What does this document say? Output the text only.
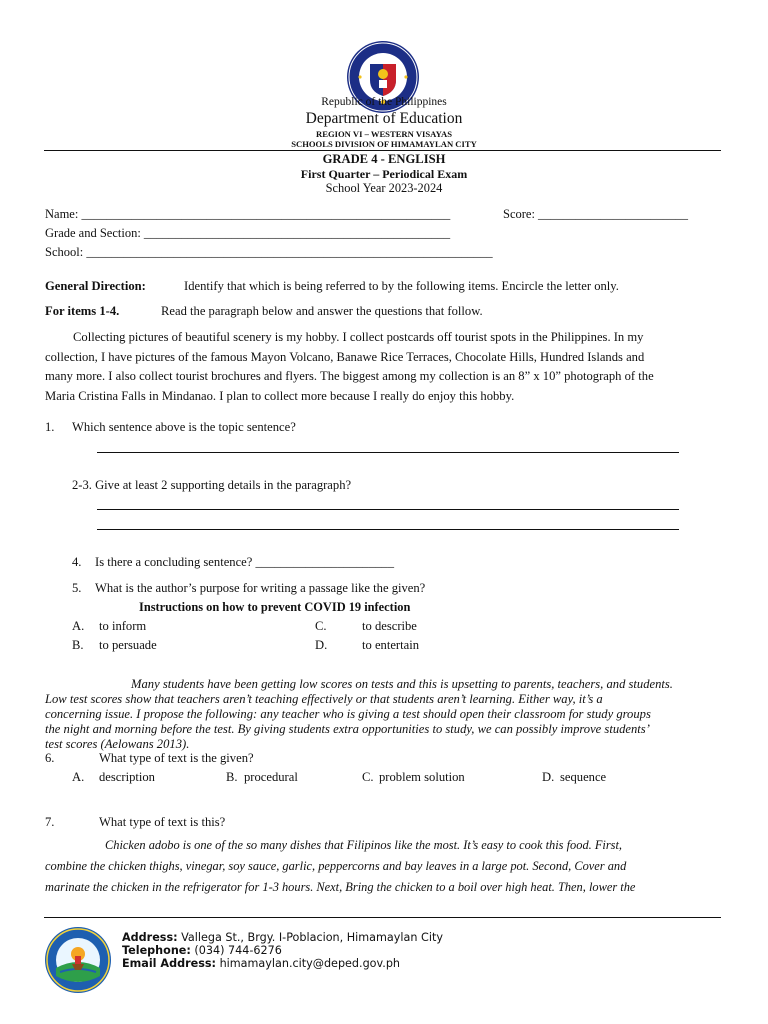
Republic of the Philippines
Department of Education
REGION VI – WESTERN VISAYAS
SCHOOLS DIVISION OF HIMAMAYLAN CITY
GRADE 4 - ENGLISH
First Quarter – Periodical Exam
School Year 2023-2024
Name: ___________________________________________________________	Score: ________________________
Grade and Section: _________________________________________________
School: _________________________________________________________________
General Direction:	Identify that which is being referred to by the following items. Encircle the letter only.
For items 1-4.	Read the paragraph below and answer the questions that follow.
Collecting pictures of beautiful scenery is my hobby. I collect postcards off tourist spots in the Philippines. In my
collection, I have pictures of the famous Mayon Volcano, Banawe Rice Terraces, Chocolate Hills, Hundred Islands and
many more. I also collect tourist brochures and flyers. The biggest among my collection is an 8” x 10” photograph of the
Maria Cristina Falls in Mindanao. I plan to collect more because I really do enjoy this hobby.
1. Which sentence above is the topic sentence?
2-3. Give at least 2 supporting details in the paragraph?
4. Is there a concluding sentence? ______________________
5. What is the author’s purpose for writing a passage like the given?
Instructions on how to prevent COVID 19 infection
A. to inform	C.	to describe
B. to persuade	D.	to entertain
Many students have been getting low scores on tests and this is upsetting to parents, teachers, and students.
Low test scores show that teachers aren’t teaching effectively or that students aren’t learning. Either way, it’s a
concerning issue. I propose the following: any teacher who is giving a test should open their classroom for study groups
the night and morning before the test. By giving students extra opportunities to study, we can possibly improve students’
test scores (Aelowans 2013).
6.	What type of text is the given?
A. description	B. procedural	C. problem solution	D. sequence
7.	What type of text is this?
Chicken adobo is one of the so many dishes that Filipinos like the most. It’s easy to cook this food. First,
combine the chicken thighs, vinegar, soy sauce, garlic, peppercorns and bay leaves in a large pot. Second, Cover and
marinate the chicken in the refrigerator for 1-3 hours. Next, Bring the chicken to a boil over high heat. Then, lower the
Address: Vallega St., Brgy. I-Poblacion, Himamaylan City
Telephone: (034) 744-6276
Email Address: himamaylan.city@deped.gov.ph
